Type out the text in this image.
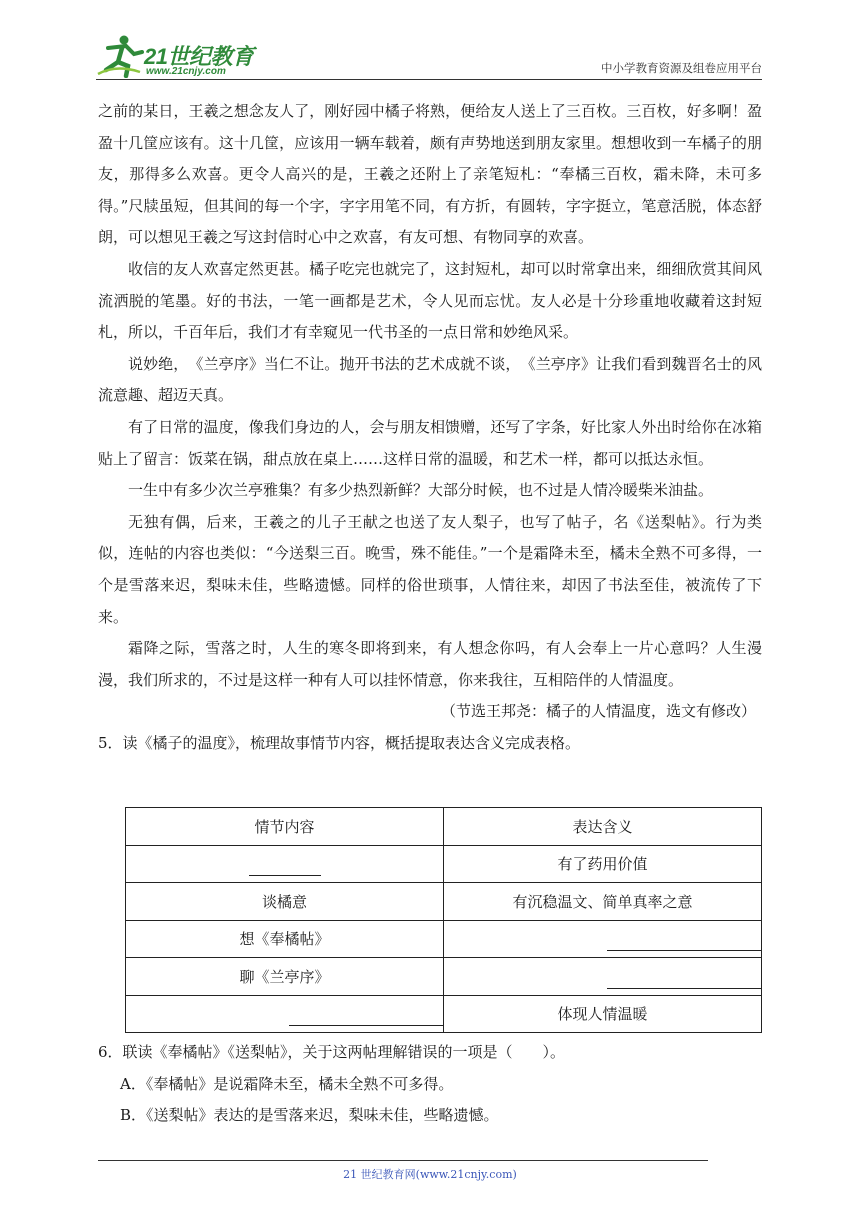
21世纪教育
www.21cnjy.com	中小学教育资源及组卷应用平台

之前的某日，王羲之想念友人了，刚好园中橘子将熟，便给友人送上了三百枚。三百枚，好多啊！盈盈十几筐应该有。这十几筐，应该用一辆车载着，颇有声势地送到朋友家里。想想收到一车橘子的朋友，那得多么欢喜。更令人高兴的是，王羲之还附上了亲笔短札：“奉橘三百枚，霜未降，未可多得。”尺牍虽短，但其间的每一个字，字字用笔不同，有方折，有圆转，字字挺立，笔意活脱，体态舒朗，可以想见王羲之写这封信时心中之欢喜，有友可想、有物同享的欢喜。

收信的友人欢喜定然更甚。橘子吃完也就完了，这封短札，却可以时常拿出来，细细欣赏其间风流洒脱的笔墨。好的书法，一笔一画都是艺术，令人见而忘忧。友人必是十分珍重地收藏着这封短札，所以，千百年后，我们才有幸窥见一代书圣的一点日常和妙绝风采。

说妙绝，　《兰亭序》当仁不让。抛开书法的艺术成就不谈，　《兰亭序》让我们看到魏晋名士的风流意趣、超迈天真。

有了日常的温度，像我们身边的人，会与朋友相馈赠，还写了字条，好比家人外出时给你在冰箱贴上了留言：饭菜在锅，甜点放在桌上……这样日常的温暖，和艺术一样，都可以抵达永恒。

一生中有多少次兰亭雅集？有多少热烈新鲜？大部分时候，也不过是人情冷暖柴米油盐。

无独有偶，后来，王羲之的儿子王献之也送了友人梨子，也写了帖子，名《送梨帖》。行为类似，连帖的内容也类似：“今送梨三百。晚雪，殊不能佳。”一个是霜降未至，橘未全熟不可多得，一个是雪落来迟，梨味未佳，些略遗憾。同样的俗世琐事，人情往来，却因了书法至佳，被流传了下来。

霜降之际，雪落之时，人生的寒冬即将到来，有人想念你吗，有人会奉上一片心意吗？人生漫漫，我们所求的，不过是这样一种有人可以挂怀情意，你来我往，互相陪伴的人情温度。

（节选王邦尧：橘子的人情温度，选文有修改）

5．读《橘子的温度》，梳理故事情节内容，概括提取表达含义完成表格。

情节内容	表达含义
	有了药用价值
谈橘意	有沉稳温文、简单真率之意
想《奉橘帖》	
聊《兰亭序》	
	体现人情温暖

6．联读《奉橘帖》《送梨帖》，关于这两帖理解错误的一项是（　　）。

A．《奉橘帖》是说霜降未至，橘未全熟不可多得。

B．《送梨帖》表达的是雪落来迟，梨味未佳，些略遗憾。

21 世纪教育网(www.21cnjy.com)
